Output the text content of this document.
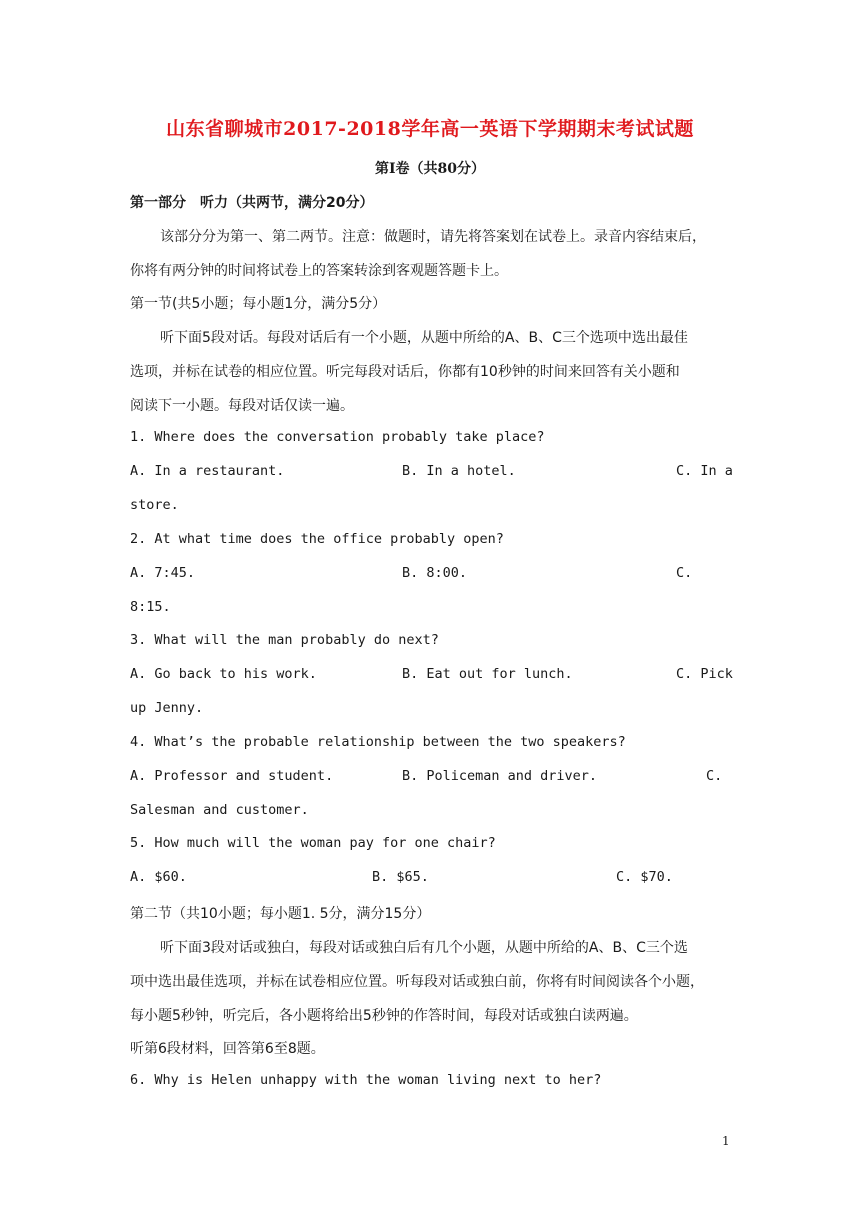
山东省聊城市2017-2018学年高一英语下学期期末考试试题
第Ⅰ卷（共80分）
第一部分　听力（共两节，满分20分）
该部分分为第一、第二两节。注意：做题时，请先将答案划在试卷上。录音内容结束后，
你将有两分钟的时间将试卷上的答案转涂到客观题答题卡上。
第一节(共5小题；每小题1分，满分5分）
听下面5段对话。每段对话后有一个小题，从题中所给的A、B、C三个选项中选出最佳
选项，并标在试卷的相应位置。听完每段对话后，你都有10秒钟的时间来回答有关小题和
阅读下一小题。每段对话仅读一遍。
1. Where does the conversation probably take place?
A. In a restaurant.	B. In a hotel.	C. In a
store.
2. At what time does the office probably open?
A. 7:45.	B. 8:00.	C.
8:15.
3. What will the man probably do next?
A. Go back to his work.	B. Eat out for lunch.	C. Pick
up Jenny.
4. What’s the probable relationship between the two speakers?
A. Professor and student.	B. Policeman and driver.	C.
Salesman and customer.
5. How much will the woman pay for one chair?
A. $60.	B. $65.	C. $70.
第二节（共10小题；每小题1. 5分，满分15分）
听下面3段对话或独白，每段对话或独白后有几个小题，从题中所给的A、B、C三个选
项中选出最佳选项，并标在试卷相应位置。听每段对话或独白前，你将有时间阅读各个小题，
每小题5秒钟，听完后，各小题将给出5秒钟的作答时间，每段对话或独白读两遍。
听第6段材料，回答第6至8题。
6. Why is Helen unhappy with the woman living next to her?
1
